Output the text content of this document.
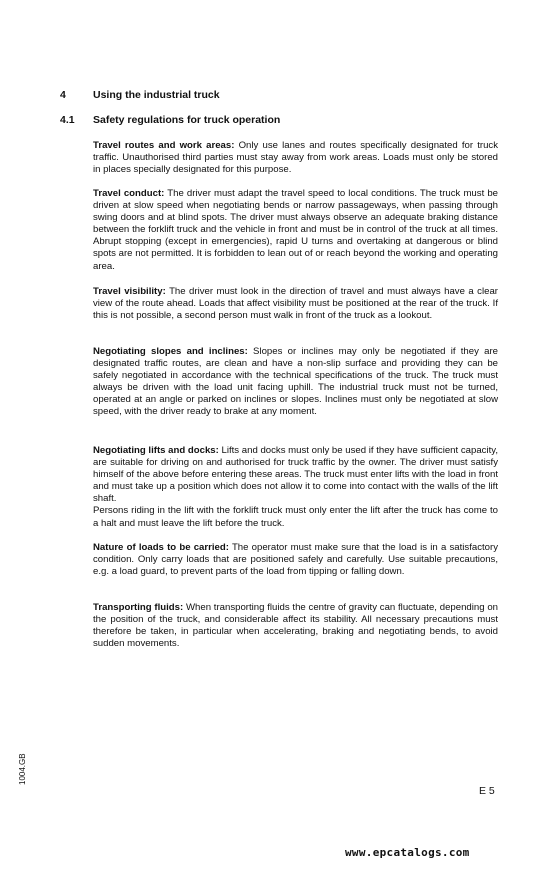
4	Using the industrial truck
4.1 Safety regulations for truck operation
Travel routes and work areas: Only use lanes and routes specifically designated for truck traffic. Unauthorised third parties must stay away from work areas. Loads must only be stored in places specially designated for this purpose.
Travel conduct: The driver must adapt the travel speed to local conditions. The truck must be driven at slow speed when negotiating bends or narrow passageways, when passing through swing doors and at blind spots. The driver must always observe an adequate braking distance between the forklift truck and the vehicle in front and must be in control of the truck at all times. Abrupt stopping (except in emergencies), rapid U turns and overtaking at dangerous or blind spots are not permitted. It is forbidden to lean out of or reach beyond the working and operating area.
Travel visibility: The driver must look in the direction of travel and must always have a clear view of the route ahead. Loads that affect visibility must be positioned at the rear of the truck. If this is not possible, a second person must walk in front of the truck as a lookout.
Negotiating slopes and inclines: Slopes or inclines may only be negotiated if they are designated traffic routes, are clean and have a non-slip surface and providing they can be safely negotiated in accordance with the technical specifications of the truck. The truck must always be driven with the load unit facing uphill. The industrial truck must not be turned, operated at an angle or parked on inclines or slopes. Inclines must only be negotiated at slow speed, with the driver ready to brake at any moment.
Negotiating lifts and docks: Lifts and docks must only be used if they have sufficient capacity, are suitable for driving on and authorised for truck traffic by the owner. The driver must satisfy himself of the above before entering these areas. The truck must enter lifts with the load in front and must take up a position which does not allow it to come into contact with the walls of the lift shaft.
Persons riding in the lift with the forklift truck must only enter the lift after the truck has come to a halt and must leave the lift before the truck.
Nature of loads to be carried: The operator must make sure that the load is in a satisfactory condition. Only carry loads that are positioned safely and carefully. Use suitable precautions, e.g. a load guard, to prevent parts of the load from tipping or falling down.
Transporting fluids: When transporting fluids the centre of gravity can fluctuate, depending on the position of the truck, and considerable affect its stability. All necessary precautions must therefore be taken, in particular when accelerating, braking and negotiating bends, to avoid sudden movements.
1004.GB
E 5
www.epcatalogs.com
